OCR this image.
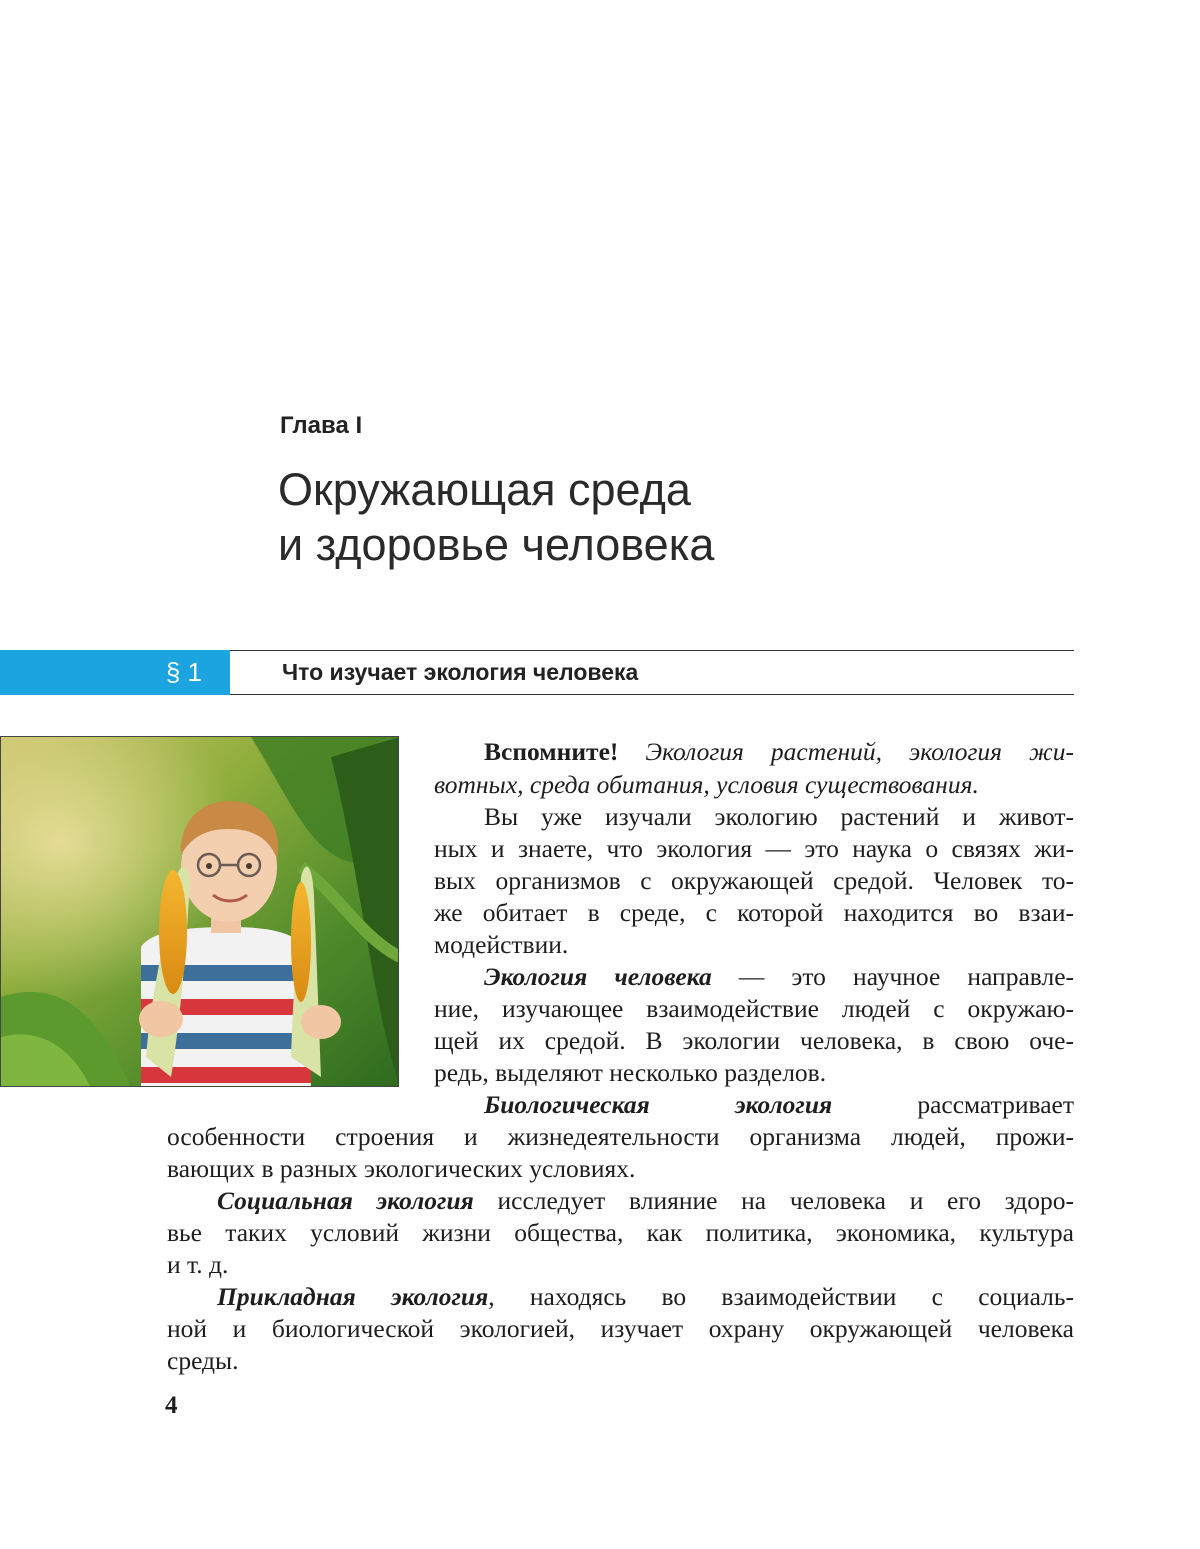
Глава I
Окружающая среда
и здоровье человека
§ 1	Что изучает экология человека
Вспомните! Экология растений, экология жи-
вотных, среда обитания, условия существования.
Вы уже изучали экологию растений и живот-
ных и знаете, что экология — это наука о связях жи-
вых организмов с окружающей средой. Человек то-
же обитает в среде, с которой находится во взаи-
модействии.
Экология человека — это научное направле-
ние, изучающее взаимодействие людей с окружаю-
щей их средой. В экологии человека, в свою оче-
редь, выделяют несколько разделов.
Биологическая экология рассматривает
особенности строения и жизнедеятельности организма людей, прожи-
вающих в разных экологических условиях.
Социальная экология исследует влияние на человека и его здоро-
вье таких условий жизни общества, как политика, экономика, культура
и т. д.
Прикладная экология, находясь во взаимодействии с социаль-
ной и биологической экологией, изучает охрану окружающей человека
среды.
4
